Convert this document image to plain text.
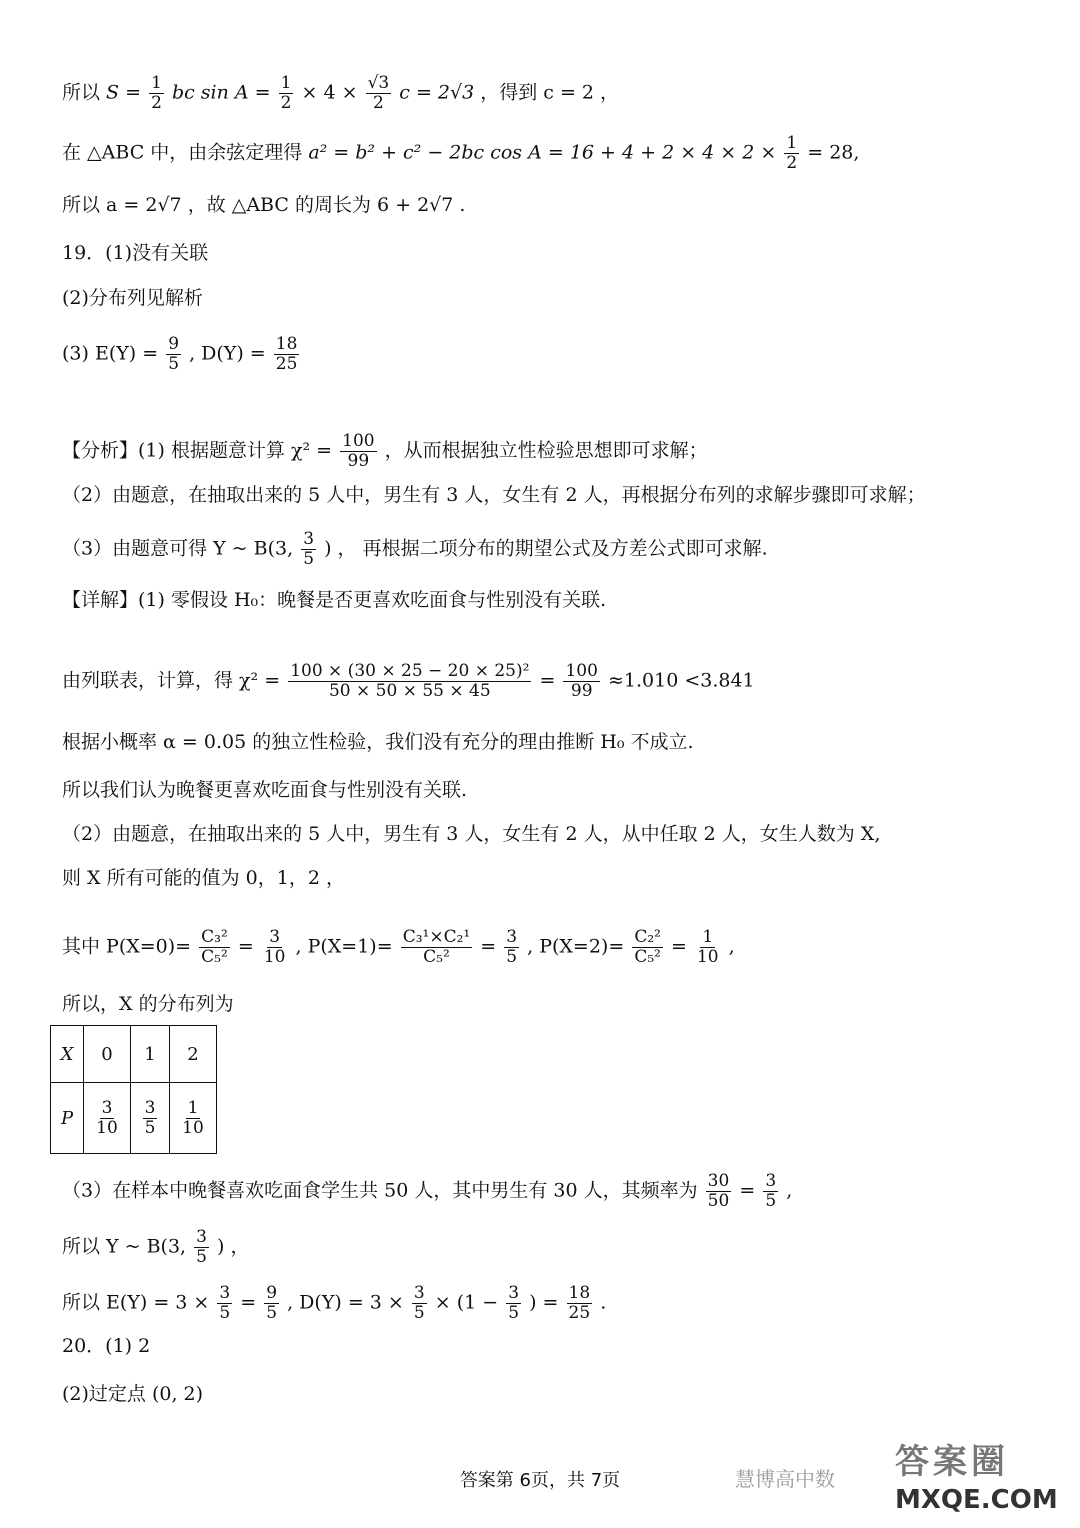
所以 $S = \frac{1}{2}$ bc $\sin A = \frac{1}{2} \times 4 \times \frac{√3}{2}$ c = 2√3 ，得到 c = 2 ，
在 △ABC 中，由余弦定理得 a² = b² + c² − 2bc $\cos A = 16 + 4 + 2 \times 4 \times 2 \times \frac{1}{2} = 28$,
所以 a = 2√7 ，故 △ABC 的周长为 6 + 2√7 .
19．(1)没有关联
(2)分布列见解析
(3) $E(Y) = \frac{9}{5}$ , $D(Y) = \frac{18}{25}$
【分析】(1) 根据题意计算 $\chi^2 = \frac{100}{99}$ ，从而根据独立性检验思想即可求解；
（2）由题意，在抽取出来的 5 人中，男生有 3 人，女生有 2 人，再根据分布列的求解步骤即可求解；
（3）由题意可得 Y ~ B(3, $\frac{3}{5}$ ) ， 再根据二项分布的期望公式及方差公式即可求解.
【详解】(1) 零假设 H₀：晚餐是否更喜欢吃面食与性别没有关联.
由列联表，计算，得 $\chi^2 = \frac{\text{100 × (30 × 25 − 20 × 25)²}}{50 \times 50 \times 55 \times 45} = \frac{100}{99} \approx 1.010 <3.841$
根据小概率 α = 0.05 的独立性检验，我们没有充分的理由推断 H₀ 不成立.
所以我们认为晚餐更喜欢吃面食与性别没有关联.
（2）由题意，在抽取出来的 5 人中，男生有 3 人，女生有 2 人，从中任取 2 人，女生人数为 X,
则 X 所有可能的值为 0，1，2 ，
其中 $P(X=0)= \frac{\text{C₃²}}{\text{C₅²}} = \frac{3}{10}$ , $P(X=1)= \frac{\text{C₃¹×C₂¹}}{\text{C₅²}} = \frac{3}{5}$ , $P(X=2)= \frac{\text{C₂²}}{\text{C₅²}} = \frac{1}{10}$ ,
所以，X 的分布列为
X	0	1	2
P	$\frac{3}{10}$	$\frac{3}{5}$	$\frac{1}{10}$
（3）在样本中晚餐喜欢吃面食学生共 50 人，其中男生有 30 人，其频率为 $\frac{30}{50} = \frac{3}{5}$ ,
所以 Y ~ B(3, $\frac{3}{5}$ ) ，
所以 $E(Y) = 3 \times \frac{3}{5} = \frac{9}{5}$ , $D(Y) = 3 \times \frac{3}{5} \times (1 - \frac{3}{5}$ ) = $\frac{18}{25}$ .
20．(1) 2
(2)过定点 (0, 2)
答案第 6页，共 7页	慧博高中数 答案圈
MXQE.COM
